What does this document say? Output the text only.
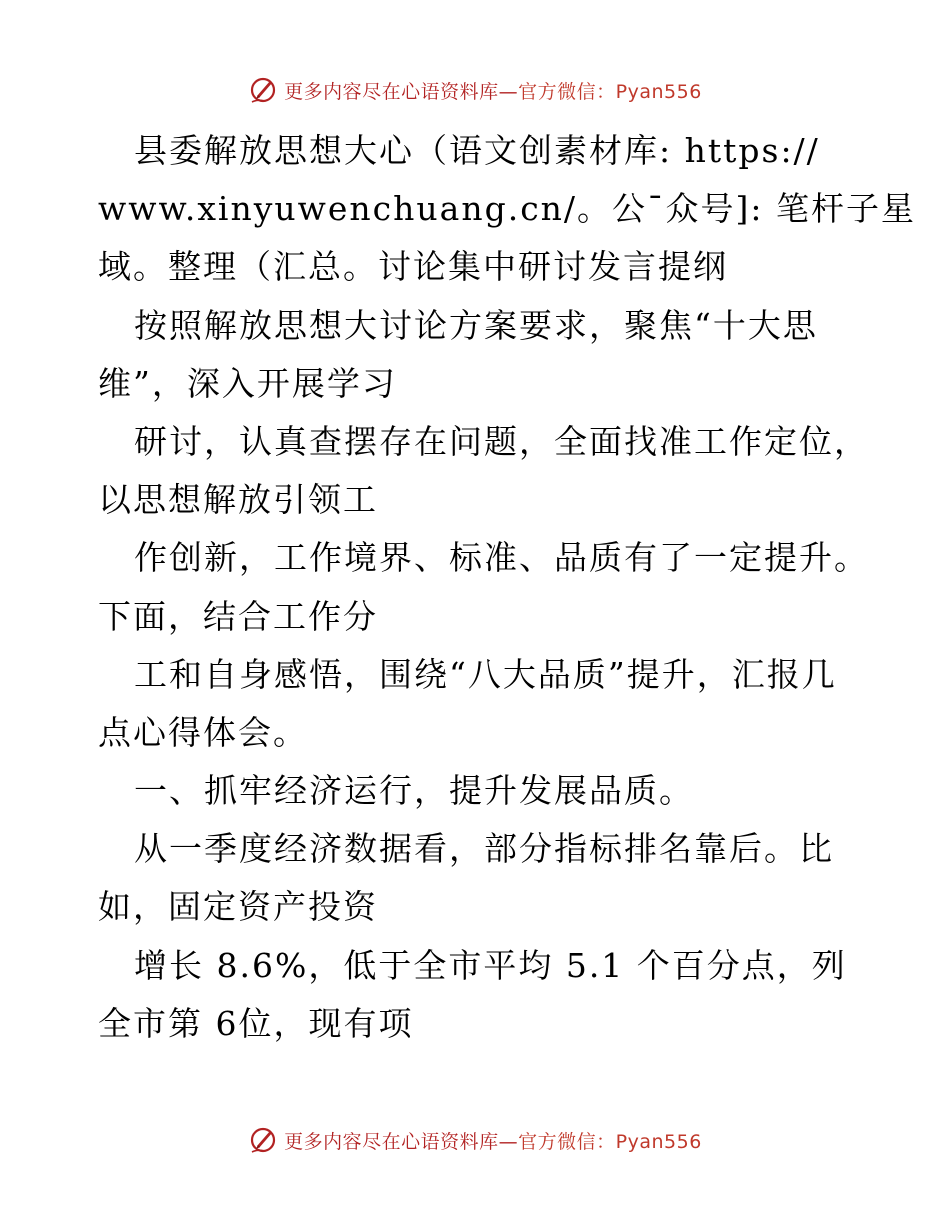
更多内容尽在心语资料库—官方微信：Pyan556
县委解放思想大心（语文创素材库: https://
www.xinyuwenchuang.cn/。公¯众号]: 笔杆子星
域。整理（汇总。讨论集中研讨发言提纲
按照解放思想大讨论方案要求，聚焦“十大思
维”，深入开展学习
研讨，认真查摆存在问题，全面找准工作定位，
以思想解放引领工
作创新，工作境界、标准、品质有了一定提升。
下面，结合工作分
工和自身感悟，围绕“八大品质”提升，汇报几
点心得体会。
一、抓牢经济运行，提升发展品质。
从一季度经济数据看，部分指标排名靠后。比
如，固定资产投资
增长 8.6%，低于全市平均 5.1 个百分点，列
全市第 6位，现有项
更多内容尽在心语资料库—官方微信：Pyan556
